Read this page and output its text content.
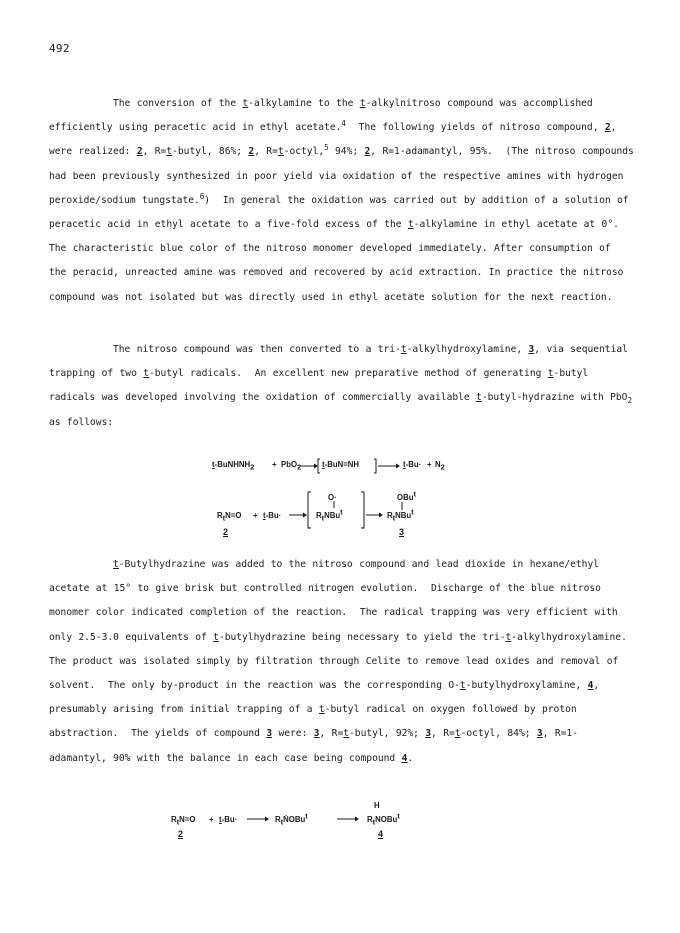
492

The conversion of the t-alkylamine to the t-alkylnitroso compound was accomplished efficiently using peracetic acid in ethyl acetate.$^4$  The following yields of nitroso compound, 2, were realized: 2, R=t-butyl, 86%; 2, R=t-octyl,$^5$ 94%; 2, R=1-adamantyl, 95%.  (The nitroso compounds had been previously synthesized in poor yield via oxidation of the respective amines with hydrogen peroxide/sodium tungstate.$^6$)  In general the oxidation was carried out by addition of a solution of peracetic acid in ethyl acetate to a five-fold excess of the t-alkylamine in ethyl acetate at 0°.  The characteristic blue color of the nitroso monomer developed immediately. After consumption of the peracid, unreacted amine was removed and recovered by acid extraction. In practice the nitroso compound was not isolated but was directly used in ethyl acetate solution for the next reaction.

The nitroso compound was then converted to a tri-t-alkylhydroxylamine, 3, via sequential trapping of two t-butyl radicals.  An excellent new preparative method of generating t-butyl radicals was developed involving the oxidation of commercially available t-butyl-hydrazine with PbO$_2$ as follows:

t-BuNHNH$_2$ + PbO$_2$	t-BuN=NH	$t-Bu\cdot + N_2$
$R_tN=O + t-Bu\cdot$
O·
$R_tNBu^t$
OBu$^t$
$R_tNBu^t$
2	3

t-Butylhydrazine was added to the nitroso compound and lead dioxide in hexane/ethyl acetate at 15° to give brisk but controlled nitrogen evolution.  Discharge of the blue nitroso monomer color indicated completion of the reaction.  The radical trapping was very efficient with only 2.5-3.0 equivalents of t-butylhydrazine being necessary to yield the tri-t-alkylhydroxylamine.  The product was isolated simply by filtration through Celite to remove lead oxides and removal of solvent.  The only by-product in the reaction was the corresponding O-t-butylhydroxylamine, 4, presumably arising from initial trapping of a t-butyl radical on oxygen followed by proton abstraction.  The yields of compound 3 were: 3, R=t-butyl, 92%; 3, R=t-octyl, 84%; 3, R=1-adamantyl, 90% with the balance in each case being compound 4.

$R_tN=O + t-Bu\cdot$	$R_tṄOBu^t$
H
$R_tNOBu^t$
2	4
